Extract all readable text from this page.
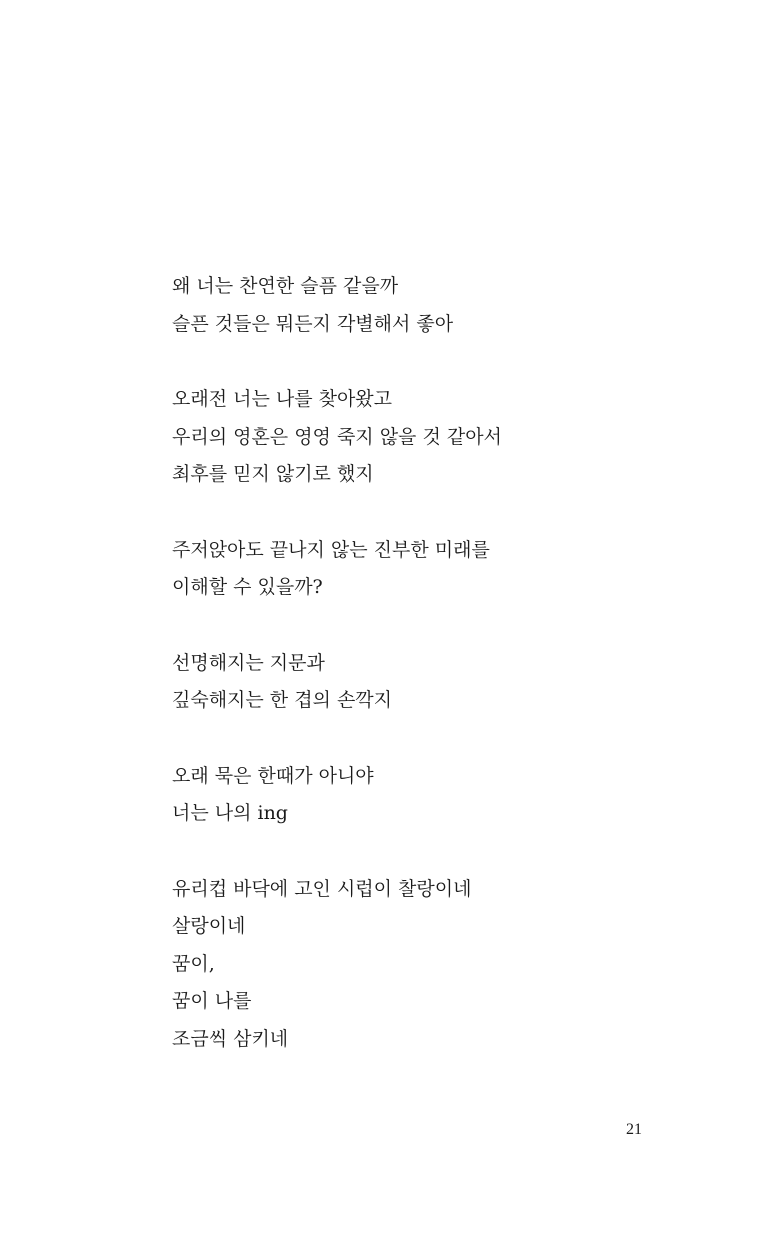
왜 너는 찬연한 슬픔 같을까
슬픈 것들은 뭐든지 각별해서 좋아
오래전 너는 나를 찾아왔고
우리의 영혼은 영영 죽지 않을 것 같아서
최후를 믿지 않기로 했지
주저앉아도 끝나지 않는 진부한 미래를
이해할 수 있을까?
선명해지는 지문과
깊숙해지는 한 겹의 손깍지
오래 묵은 한때가 아니야
너는 나의 ing
유리컵 바닥에 고인 시럽이 찰랑이네
살랑이네
꿈이,
꿈이 나를
조금씩 삼키네
21
